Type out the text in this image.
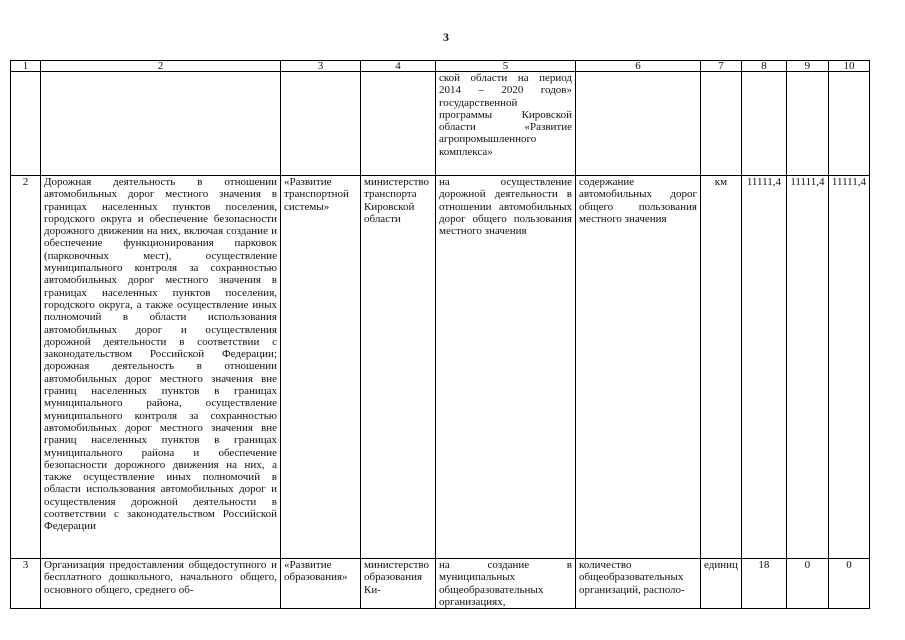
3
1	2	3	4	5	6	7	8	9	10
				ской области на период 2014 – 2020 годов» государственной программы Кировской области «Развитие агропромышленного комплекса»					
2	Дорожная деятельность в отношении автомобильных дорог местного значения в границах населенных пунктов поселения, городского округа и обеспечение безопасности дорожного движения на них, включая создание и обеспечение функционирования парковок (парковочных мест), осуществление муниципального контроля за сохранностью автомобильных дорог местного значения в границах населенных пунктов поселения, городского округа, а также осуществление иных полномочий в области использования автомобильных дорог и осуществления дорожной деятельности в соответствии с законодательством Российской Федерации; дорожная деятельность в отношении автомобильных дорог местного значения вне границ населенных пунктов в границах муниципального района, осуществление муниципального контроля за сохранностью автомобильных дорог местного значения вне границ населенных пунктов в границах муниципального района и обеспечение безопасности дорожного движения на них, а также осуществление иных полномочий в области использования автомобильных дорог и осуществления дорожной деятельности в соответствии с законодательством Российской Федерации	«Развитие транспортной системы»	министерство транспорта Кировской области	на осуществление дорожной деятельности в отношении автомобильных дорог общего пользования местного значения	содержание автомобильных дорог общего пользования местного значения	км	11111,4	11111,4	11111,4
3	Организация предоставления общедоступного и бесплатного дошкольного, начального общего, основного общего, среднего об-	«Развитие образования»	министерство образования Ки-	на создание в муниципальных общеобразовательных организациях,	количество общеобразовательных организаций, располо-	единиц	18	0	0
